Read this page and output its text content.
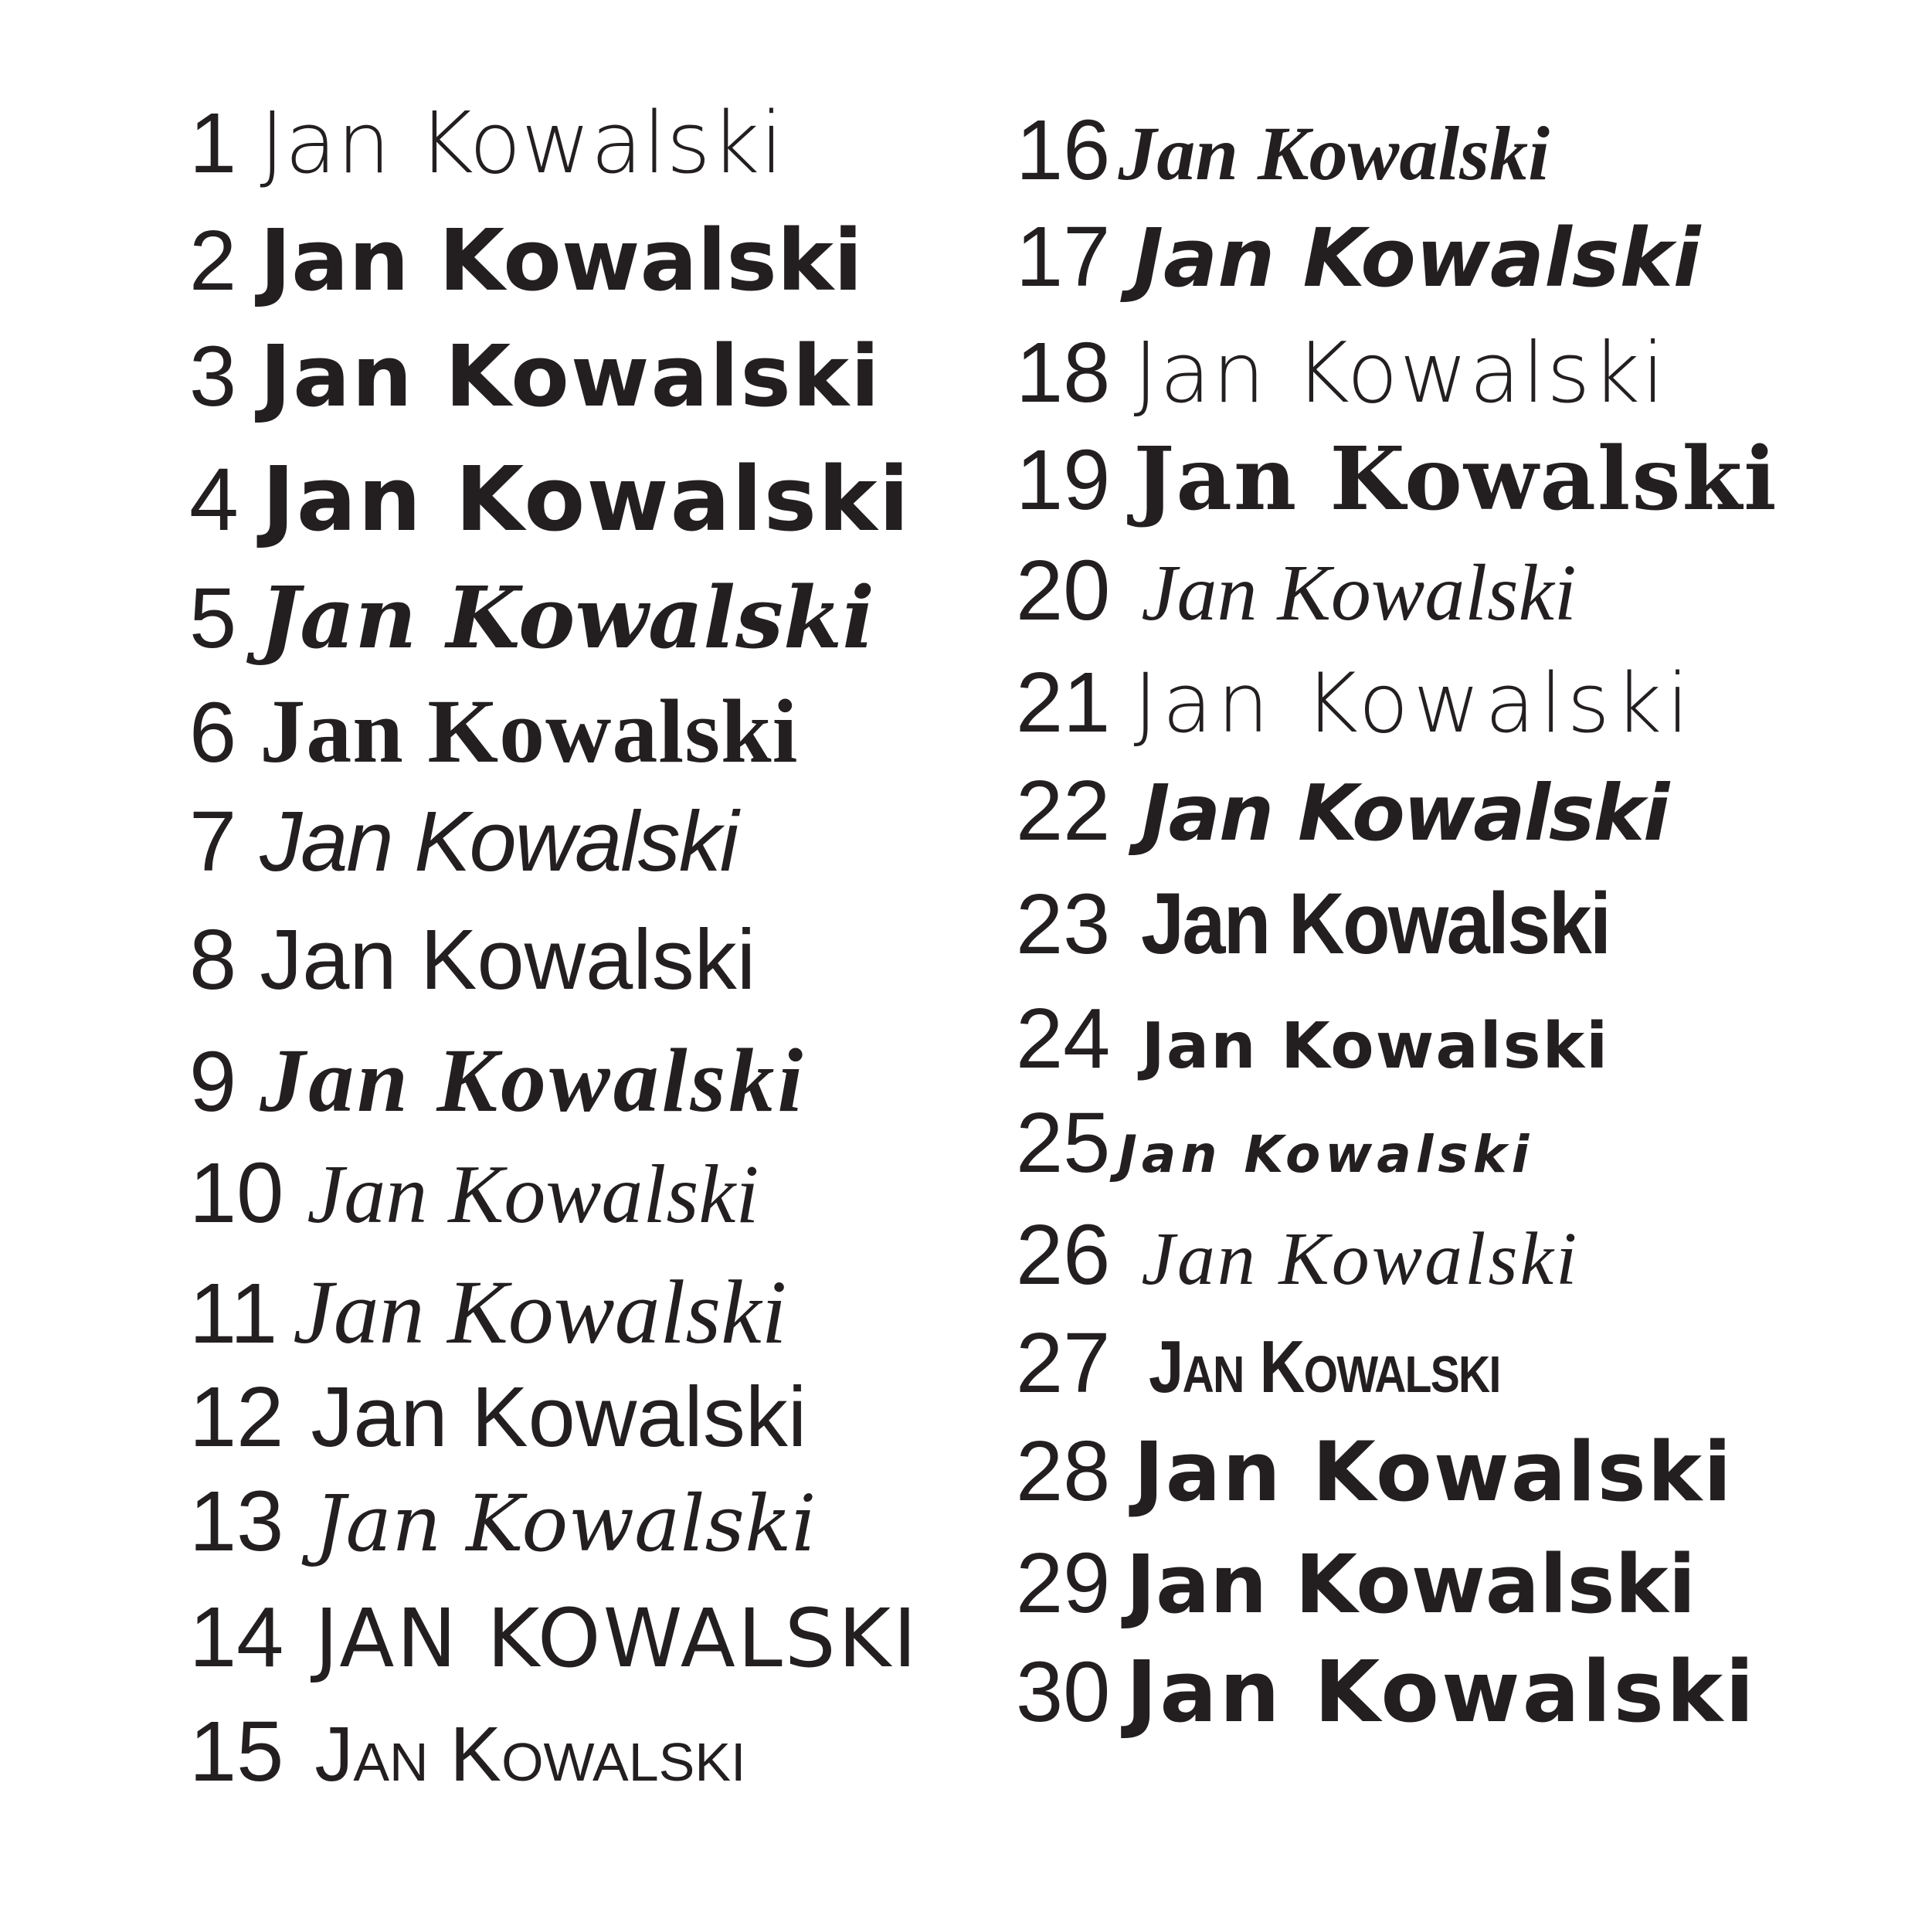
1 Jan Kowalski
2 Jan Kowalski
3 Jan Kowalski
4 Jan Kowalski
5 Jan Kowalski
6 Jan Kowalski
7 Jan Kowalski
8 Jan Kowalski
9 Jan Kowalski
10 Jan Kowalski
11 Jan Kowalski
12 Jan Kowalski
13 Jan Kowalski
14 JAN KOWALSKI
15 Jan Kowalski
16 Jan Kowalski
17 Jan Kowalski
18 Jan Kowalski
19 Jan Kowalski
20 Jan Kowalski
21 Jan Kowalski
22 Jan Kowalski
23 Jan Kowalski
24 Jan Kowalski
25 Jan Kowalski
26 Jan Kowalski
27 Jan Kowalski
28 Jan Kowalski
29 Jan Kowalski
30 Jan Kowalski
